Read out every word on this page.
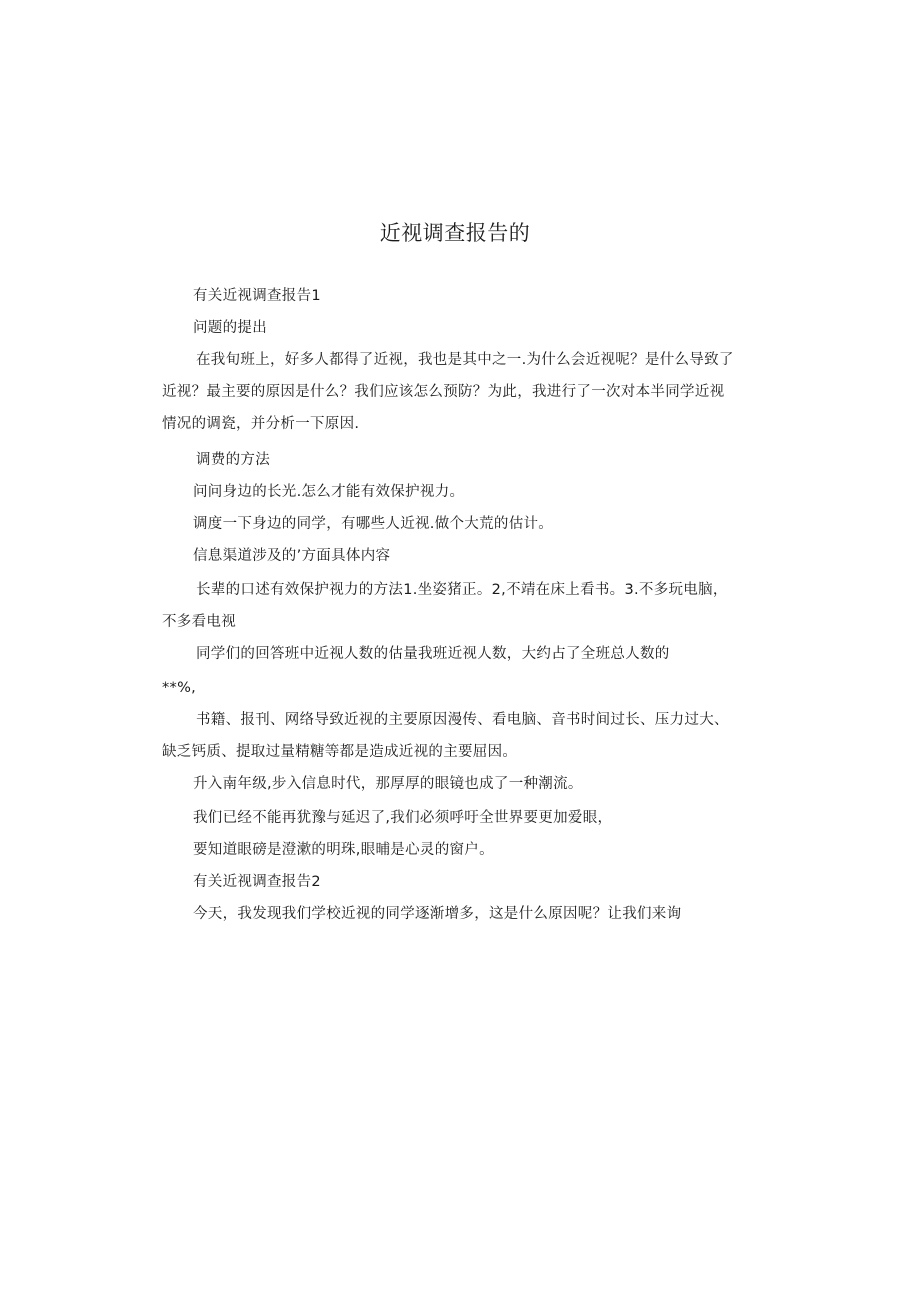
近视调查报告的
有关近视调查报告1
问题的提出
在我旬班上，好多人都得了近视，我也是其中之一.为什么会近视呢？是什么导致了
近视？最主要的原因是什么？我们应该怎么预防？为此，我进行了一次对本半同学近视
情况的调瓷，并分析一下原因.
调费的方法
问问身边的长光.怎么才能有效保护视力。
调度一下身边的同学，有哪些人近视.做个大荒的估计。
信息渠道涉及的’方面具体内容
长辈的口述有效保护视力的方法1.坐姿猪正。2,不靖在床上看书。3.不多玩电脑，
不多看电视
同学们的回答班中近视人数的估量我班近视人数，大约占了全班总人数的
**%,
书籍、报刊、网络导致近视的主要原因漫传、看电脑、音书时间过长、压力过大、
缺乏钙质、提取过量精糖等都是造成近视的主要屈因。
升入南年级,步入信息时代，那厚厚的眼镜也成了一种潮流。
我们已经不能再犹豫与延迟了,我们必须呼吁全世界要更加爱眼，
要知道眼磅是澄漱的明珠,眼晡是心灵的窗户。
有关近视调查报告2
今天，我发现我们学校近视的同学逐渐增多，这是什么原因呢？让我们来询
